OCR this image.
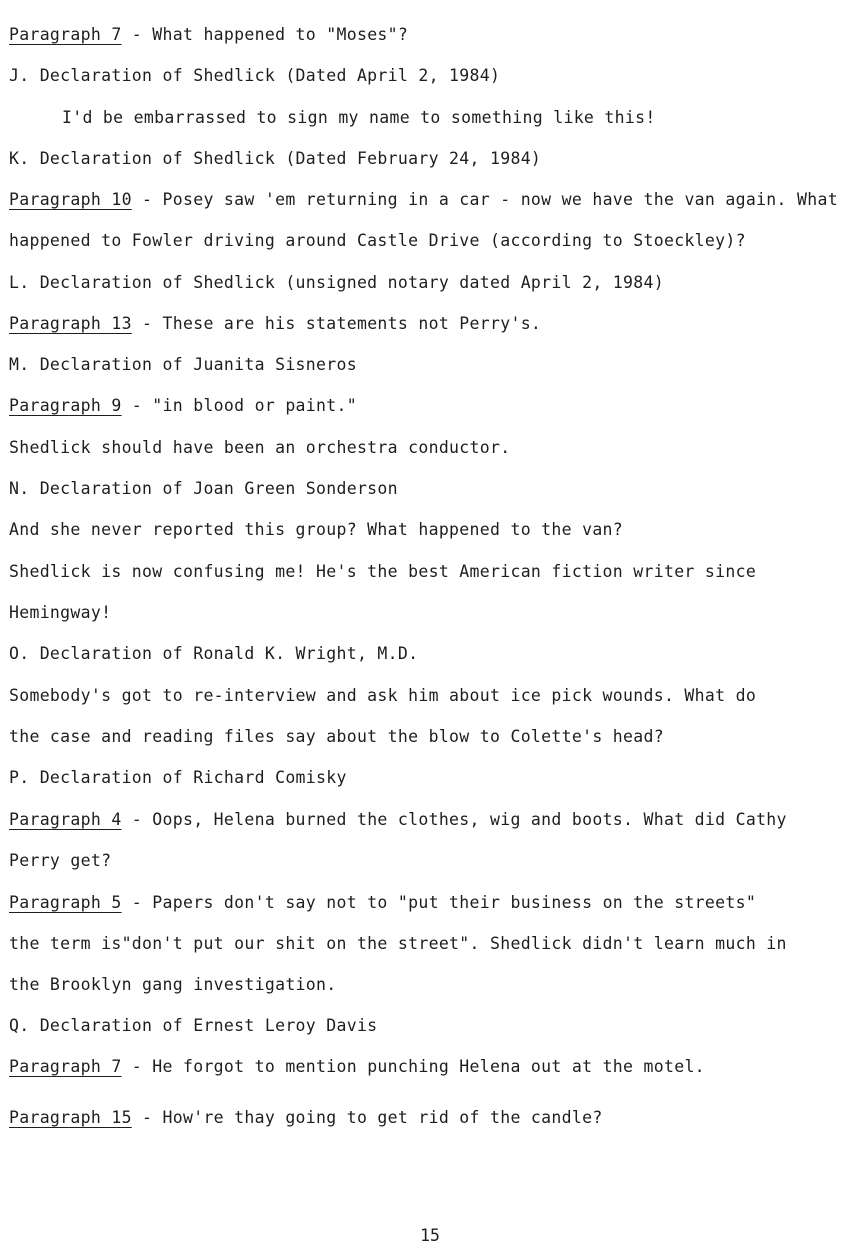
Paragraph 7 - What happened to "Moses"?
J. Declaration of Shedlick (Dated April 2, 1984)
I'd be embarrassed to sign my name to something like this!
K. Declaration of Shedlick (Dated February 24, 1984)
Paragraph 10 - Posey saw 'em returning in a car - now we have the van again. What
happened to Fowler driving around Castle Drive (according to Stoeckley)?
L. Declaration of Shedlick (unsigned notary dated April 2, 1984)
Paragraph 13 - These are his statements not Perry's.
M. Declaration of Juanita Sisneros
Paragraph 9 - "in blood or paint."
Shedlick should have been an orchestra conductor.
N. Declaration of Joan Green Sonderson
And she never reported this group? What happened to the van?
Shedlick is now confusing me! He's the best American fiction writer since
Hemingway!
O. Declaration of Ronald K. Wright, M.D.
Somebody's got to re-interview and ask him about ice pick wounds. What do
the case and reading files say about the blow to Colette's head?
P. Declaration of Richard Comisky
Paragraph 4 - Oops, Helena burned the clothes, wig and boots. What did Cathy
Perry get?
Paragraph 5 - Papers don't say not to "put their business on the streets"
the term is"don't put our shit on the street". Shedlick didn't learn much in
the Brooklyn gang investigation.
Q. Declaration of Ernest Leroy Davis
Paragraph 7 - He forgot to mention punching Helena out at the motel.
Paragraph 15 - How're thay going to get rid of the candle?
15
